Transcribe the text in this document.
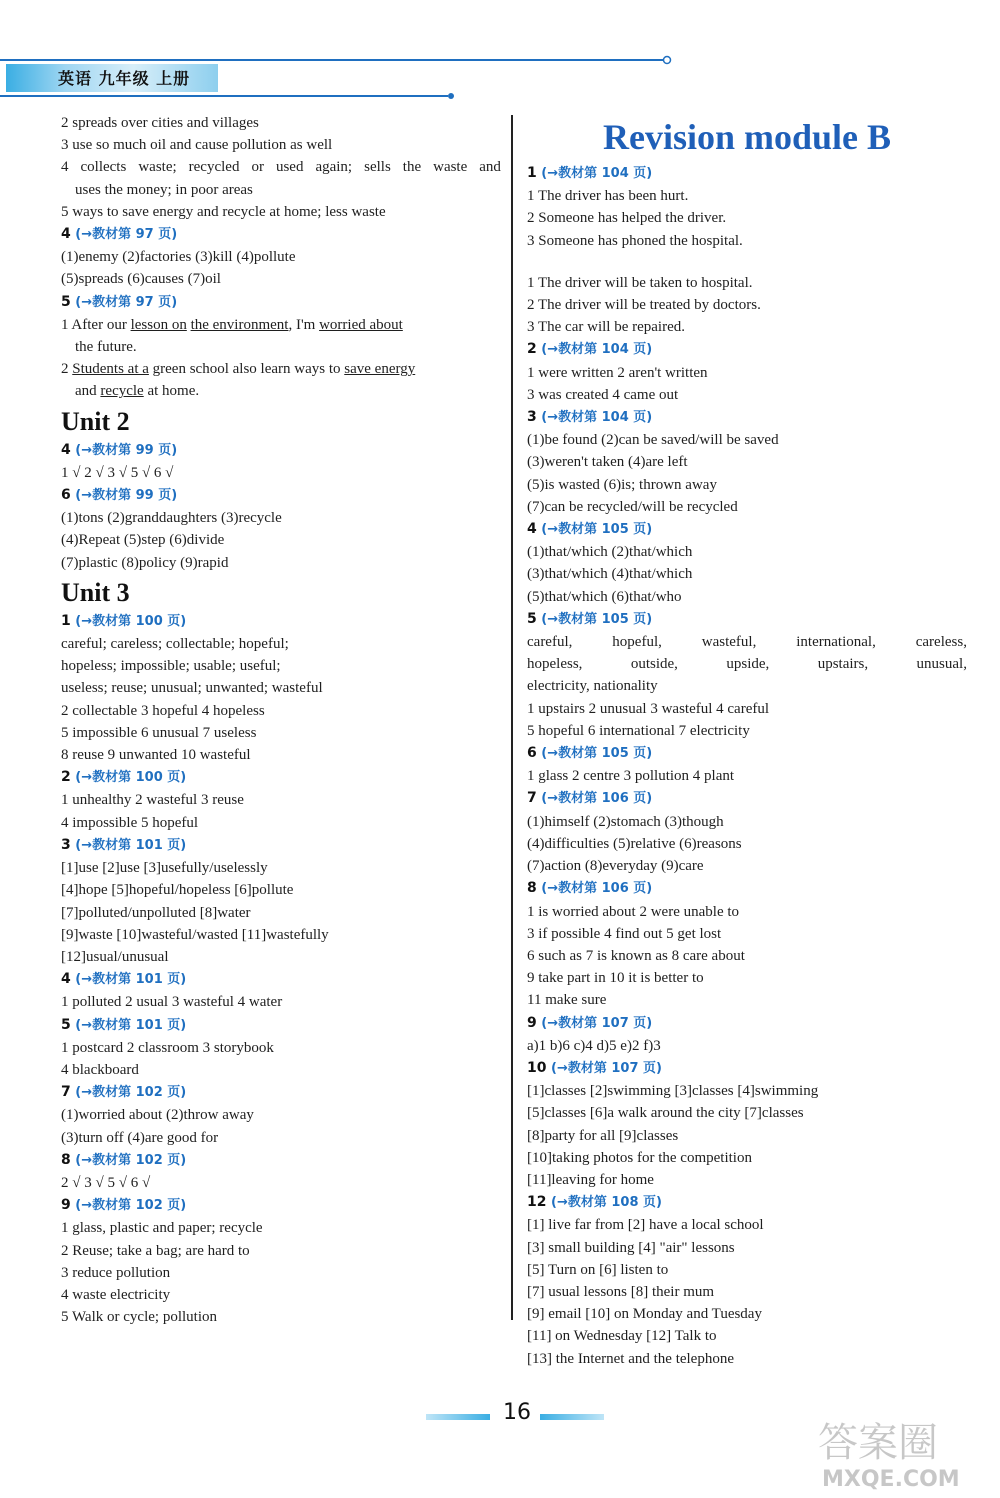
英语 九年级 上册
2 spreads over cities and villages
3 use so much oil and cause pollution as well
4 collects waste; recycled or used again; sells the waste and
uses the money; in poor areas
5 ways to save energy and recycle at home; less waste
4 (→教材第 97 页)
(1)enemy (2)factories (3)kill (4)pollute
(5)spreads (6)causes (7)oil
5 (→教材第 97 页)
1 After our lesson on the environment, I'm worried about
the future.
2 Students at a green school also learn ways to save energy
and recycle at home.
Unit 2
4 (→教材第 99 页)
1 √ 2 √ 3 √ 5 √ 6 √
6 (→教材第 99 页)
(1)tons (2)granddaughters (3)recycle
(4)Repeat (5)step (6)divide
(7)plastic (8)policy (9)rapid
Unit 3
1 (→教材第 100 页)
careful; careless; collectable; hopeful;
hopeless; impossible; usable; useful;
useless; reuse; unusual; unwanted; wasteful
2 collectable 3 hopeful 4 hopeless
5 impossible 6 unusual 7 useless
8 reuse 9 unwanted 10 wasteful
2 (→教材第 100 页)
1 unhealthy 2 wasteful 3 reuse
4 impossible 5 hopeful
3 (→教材第 101 页)
[1]use [2]use [3]usefully/uselessly
[4]hope [5]hopeful/hopeless [6]pollute
[7]polluted/unpolluted [8]water
[9]waste [10]wasteful/wasted [11]wastefully
[12]usual/unusual
4 (→教材第 101 页)
1 polluted 2 usual 3 wasteful 4 water
5 (→教材第 101 页)
1 postcard 2 classroom 3 storybook
4 blackboard
7 (→教材第 102 页)
(1)worried about (2)throw away
(3)turn off (4)are good for
8 (→教材第 102 页)
2 √ 3 √ 5 √ 6 √
9 (→教材第 102 页)
1 glass, plastic and paper; recycle
2 Reuse; take a bag; are hard to
3 reduce pollution
4 waste electricity
5 Walk or cycle; pollution
Revision module B
1 (→教材第 104 页)
1 The driver has been hurt.
2 Someone has helped the driver.
3 Someone has phoned the hospital.
1 The driver will be taken to hospital.
2 The driver will be treated by doctors.
3 The car will be repaired.
2 (→教材第 104 页)
1 were written 2 aren't written
3 was created 4 came out
3 (→教材第 104 页)
(1)be found (2)can be saved/will be saved
(3)weren't taken (4)are left
(5)is wasted (6)is; thrown away
(7)can be recycled/will be recycled
4 (→教材第 105 页)
(1)that/which (2)that/which
(3)that/which (4)that/which
(5)that/which (6)that/who
5 (→教材第 105 页)
careful,	hopeful,	wasteful,	international,	careless,
hopeless,	outside,	upside,	upstairs,	unusual,
electricity, nationality
1 upstairs 2 unusual 3 wasteful 4 careful
5 hopeful 6 international 7 electricity
6 (→教材第 105 页)
1 glass 2 centre 3 pollution 4 plant
7 (→教材第 106 页)
(1)himself (2)stomach (3)though
(4)difficulties (5)relative (6)reasons
(7)action (8)everyday (9)care
8 (→教材第 106 页)
1 is worried about 2 were unable to
3 if possible 4 find out 5 get lost
6 such as 7 is known as 8 care about
9 take part in 10 it is better to
11 make sure
9 (→教材第 107 页)
a)1 b)6 c)4 d)5 e)2 f)3
10 (→教材第 107 页)
[1]classes [2]swimming [3]classes [4]swimming
[5]classes [6]a walk around the city [7]classes
[8]party for all [9]classes
[10]taking photos for the competition
[11]leaving for home
12 (→教材第 108 页)
[1] live far from [2] have a local school
[3] small building [4] "air" lessons
[5] Turn on [6] listen to
[7] usual lessons [8] their mum
[9] email [10] on Monday and Tuesday
[11] on Wednesday [12] Talk to
[13] the Internet and the telephone
16
答案圈
MXQE.COM
